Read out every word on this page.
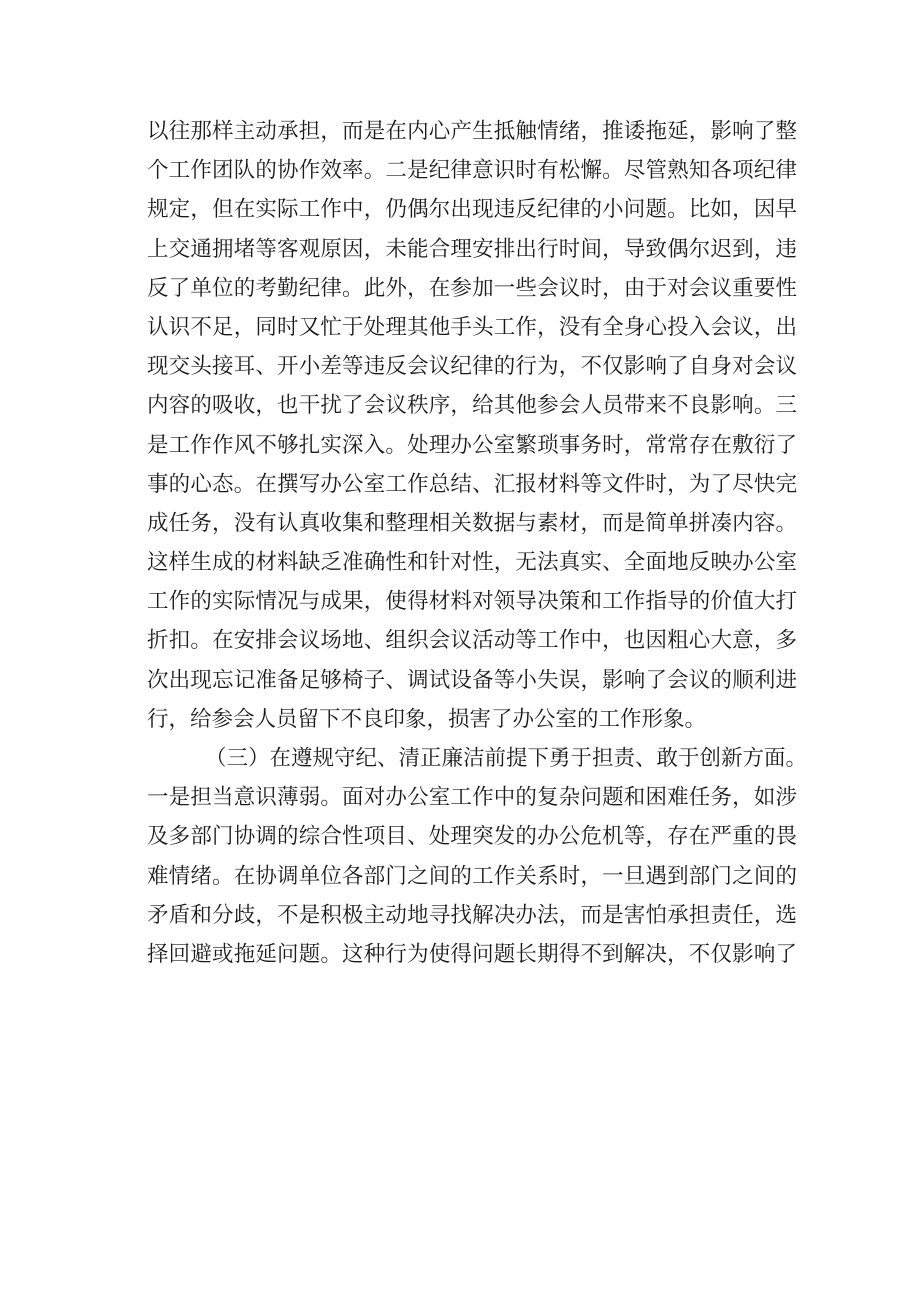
以往那样主动承担，而是在内心产生抵触情绪，推诿拖延，影响了整
个工作团队的协作效率。二是纪律意识时有松懈。尽管熟知各项纪律
规定，但在实际工作中，仍偶尔出现违反纪律的小问题。比如，因早
上交通拥堵等客观原因，未能合理安排出行时间，导致偶尔迟到，违
反了单位的考勤纪律。此外，在参加一些会议时，由于对会议重要性
认识不足，同时又忙于处理其他手头工作，没有全身心投入会议，出
现交头接耳、开小差等违反会议纪律的行为，不仅影响了自身对会议
内容的吸收，也干扰了会议秩序，给其他参会人员带来不良影响。三
是工作作风不够扎实深入。处理办公室繁琐事务时，常常存在敷衍了
事的心态。在撰写办公室工作总结、汇报材料等文件时，为了尽快完
成任务，没有认真收集和整理相关数据与素材，而是简单拼凑内容。
这样生成的材料缺乏准确性和针对性，无法真实、全面地反映办公室
工作的实际情况与成果，使得材料对领导决策和工作指导的价值大打
折扣。在安排会议场地、组织会议活动等工作中，也因粗心大意，多
次出现忘记准备足够椅子、调试设备等小失误，影响了会议的顺利进
行，给参会人员留下不良印象，损害了办公室的工作形象。
（三）在遵规守纪、清正廉洁前提下勇于担责、敢于创新方面。
一是担当意识薄弱。面对办公室工作中的复杂问题和困难任务，如涉
及多部门协调的综合性项目、处理突发的办公危机等，存在严重的畏
难情绪。在协调单位各部门之间的工作关系时，一旦遇到部门之间的
矛盾和分歧，不是积极主动地寻找解决办法，而是害怕承担责任，选
择回避或拖延问题。这种行为使得问题长期得不到解决，不仅影响了
